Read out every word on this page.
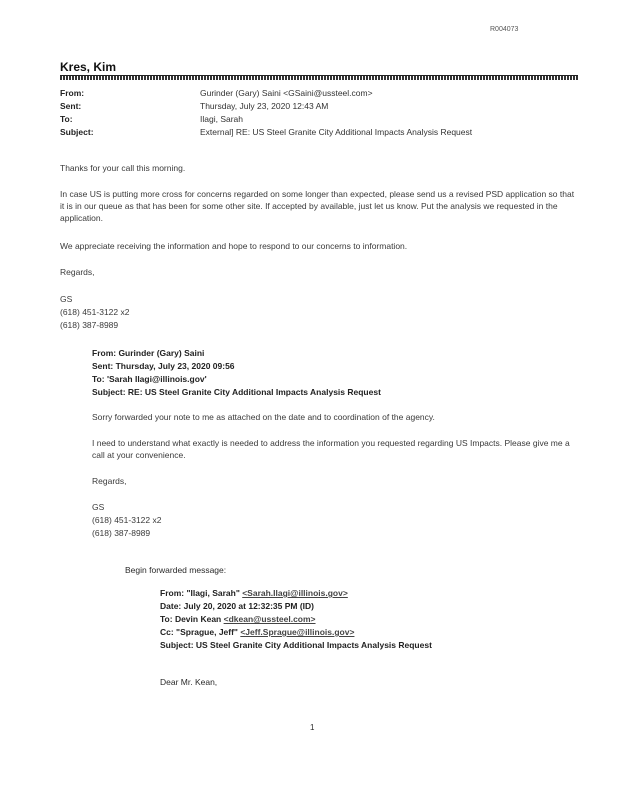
R004073
Kres, Kim
From:	Gurinder (Gary) Saini <GSaini@ussteel.com>
Sent:	Thursday, July 23, 2020 12:43 AM
To:	Ilagi, Sarah
Subject:	External] RE: US Steel Granite City Additional Impacts Analysis Request
Thanks for your call this morning.
In case US is putting more cross for concerns regarded on some longer than expected, please send us a revised PSD application so that it is in our queue as that has been for some other site. If accepted by available, just let us know. Put the analysis we requested in the application.
We appreciate receiving the information and hope to respond to our concerns to information.
Regards,
GS
(618) 451-3122 x2
(618) 387-8989
From: Gurinder (Gary) Saini
Sent: Thursday, July 23, 2020 09:56
To: 'Sarah Ilagi@illinois.gov'
Subject: RE: US Steel Granite City Additional Impacts Analysis Request
Sorry forwarded your note to me as attached on the date and to coordination of the agency.
I need to understand what exactly is needed to address the information you requested regarding US Impacts. Please give me a call at your convenience.
Regards,
GS
(618) 451-3122 x2
(618) 387-8989
Begin forwarded message:
From: "Ilagi, Sarah" <Sarah.Ilagi@illinois.gov>
Date: July 20, 2020 at 12:32:35 PM (ID)
To: Devin Kean <dkean@ussteel.com>
Cc: "Sprague, Jeff" <Jeff.Sprague@illinois.gov>
Subject: US Steel Granite City Additional Impacts Analysis Request
Dear Mr. Kean,
1
